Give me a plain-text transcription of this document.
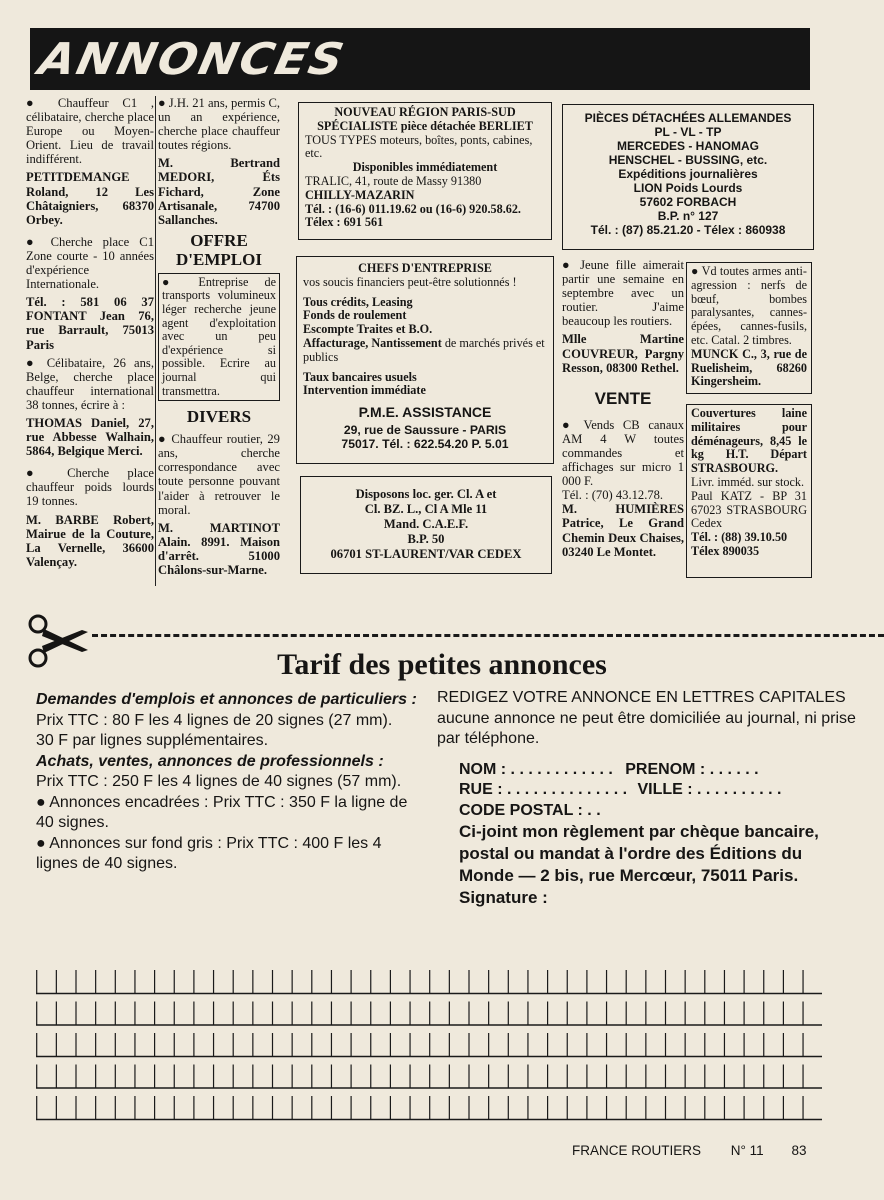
ANNONCES

● Chauffeur C1 , célibataire, cherche place Europe ou Moyen-Orient. Lieu de travail indifférent.

PETITDEMANGE Roland, 12 Les Châtaigniers, 68370 Orbey.

● Cherche place C1 Zone courte - 10 années d'expérience Internationale.

Tél. : 581 06 37 FONTANT Jean 76, rue Barrault, 75013 Paris

● Célibataire, 26 ans, Belge, cherche place chauffeur international 38 tonnes, écrire à :

THOMAS Daniel, 27, rue Abbesse Walhain, 5864, Belgique Merci.

● Cherche place chauffeur poids lourds 19 tonnes.

M. BARBE Robert, Mairue de la Couture, La Vernelle, 36600 Valençay.

● J.H. 21 ans, permis C, un an expérience, cherche place chauffeur toutes régions.

M. Bertrand MEDORI, Éts Fichard, Zone Artisanale, 74700 Sallanches.

OFFRE D'EMPLOI
● Entreprise de transports volumineux léger recherche jeune agent d'exploitation avec un peu d'expérience si possible. Ecrire au journal qui transmettra.
DIVERS

● Chauffeur routier, 29 ans, cherche correspondance avec toute personne pouvant l'aider à retrouver le moral.

M. MARTINOT Alain. 8991. Maison d'arrêt. 51000 Châlons-sur-Marne.

NOUVEAU RÉGION PARIS-SUD
SPÉCIALISTE pièce détachée BERLIET
TOUS TYPES moteurs, boîtes, ponts, cabines, etc.
Disponibles immédiatement
TRALIC, 41, route de Massy 91380
CHILLY-MAZARIN
Tél. : (16-6) 011.19.62 ou (16-6) 920.58.62.
Télex : 691 561
CHEFS D'ENTREPRISE
vos soucis financiers peut-être solutionnés !
Tous crédits, Leasing
Fonds de roulement
Escompte Traites et B.O.
Affacturage, Nantissement de marchés privés et publics
Taux bancaires usuels
Intervention immédiate
P.M.E. ASSISTANCE
29, rue de Saussure - PARIS
75017. Tél. : 622.54.20 P. 5.01
Disposons loc. ger. Cl. A et
Cl. BZ. L., Cl A Mle 11
Mand. C.A.E.F.
B.P. 50
06701 ST-LAURENT/VAR CEDEX
PIÈCES DÉTACHÉES ALLEMANDES
PL - VL - TP
MERCEDES - HANOMAG
HENSCHEL - BUSSING, etc.
Expéditions journalières
LION Poids Lourds
57602 FORBACH
B.P. n° 127
Tél. : (87) 85.21.20 - Télex : 860938

● Jeune fille aimerait partir une semaine en septembre avec un routier. J'aime beaucoup les routiers.

Mlle Martine COUVREUR, Pargny Resson, 08300 Rethel.

VENTE

● Vends CB canaux AM 4 W toutes commandes et affichages sur micro 1 000 F.

Tél. : (70) 43.12.78.

M. HUMIÈRES Patrice, Le Grand Chemin Deux Chaises, 03240 Le Montet.

● Vd toutes armes anti-agression : nerfs de bœuf, bombes paralysantes, cannes-épées, cannes-fusils, etc. Catal. 2 timbres.
MUNCK C., 3, rue de Ruelisheim, 68260 Kingersheim.
Couvertures laine militaires pour déménageurs, 8,45 le kg H.T. Départ STRASBOURG.
Livr. imméd. sur stock.
Paul KATZ - BP 31 67023 STRASBOURG Cedex
Tél. : (88) 39.10.50
Télex 890035
Tarif des petites annonces
Demandes d'emplois et annonces de particuliers :
Prix TTC : 80 F les 4 lignes de 20 signes (27 mm).
30 F par lignes supplémentaires.
Achats, ventes, annonces de professionnels :
Prix TTC : 250 F les 4 lignes de 40 signes (57 mm).
● Annonces encadrées : Prix TTC : 350 F la ligne de 40 signes.
● Annonces sur fond gris : Prix TTC : 400 F les 4 lignes de 40 signes.
REDIGEZ VOTRE ANNONCE EN LETTRES CAPITALES
aucune annonce ne peut être domiciliée au journal, ni prise par téléphone.
NOM : . . . . . . . . . . . . PRENOM : . . . . . .
RUE : . . . . . . . . . . . . . . VILLE : . . . . . . . . . .
CODE POSTAL : . .
Ci-joint mon règlement par chèque bancaire, postal ou mandat à l'ordre des Éditions du Monde — 2 bis, rue Mercœur, 75011 Paris.
Signature :
FRANCE ROUTIERS N° 11 83
